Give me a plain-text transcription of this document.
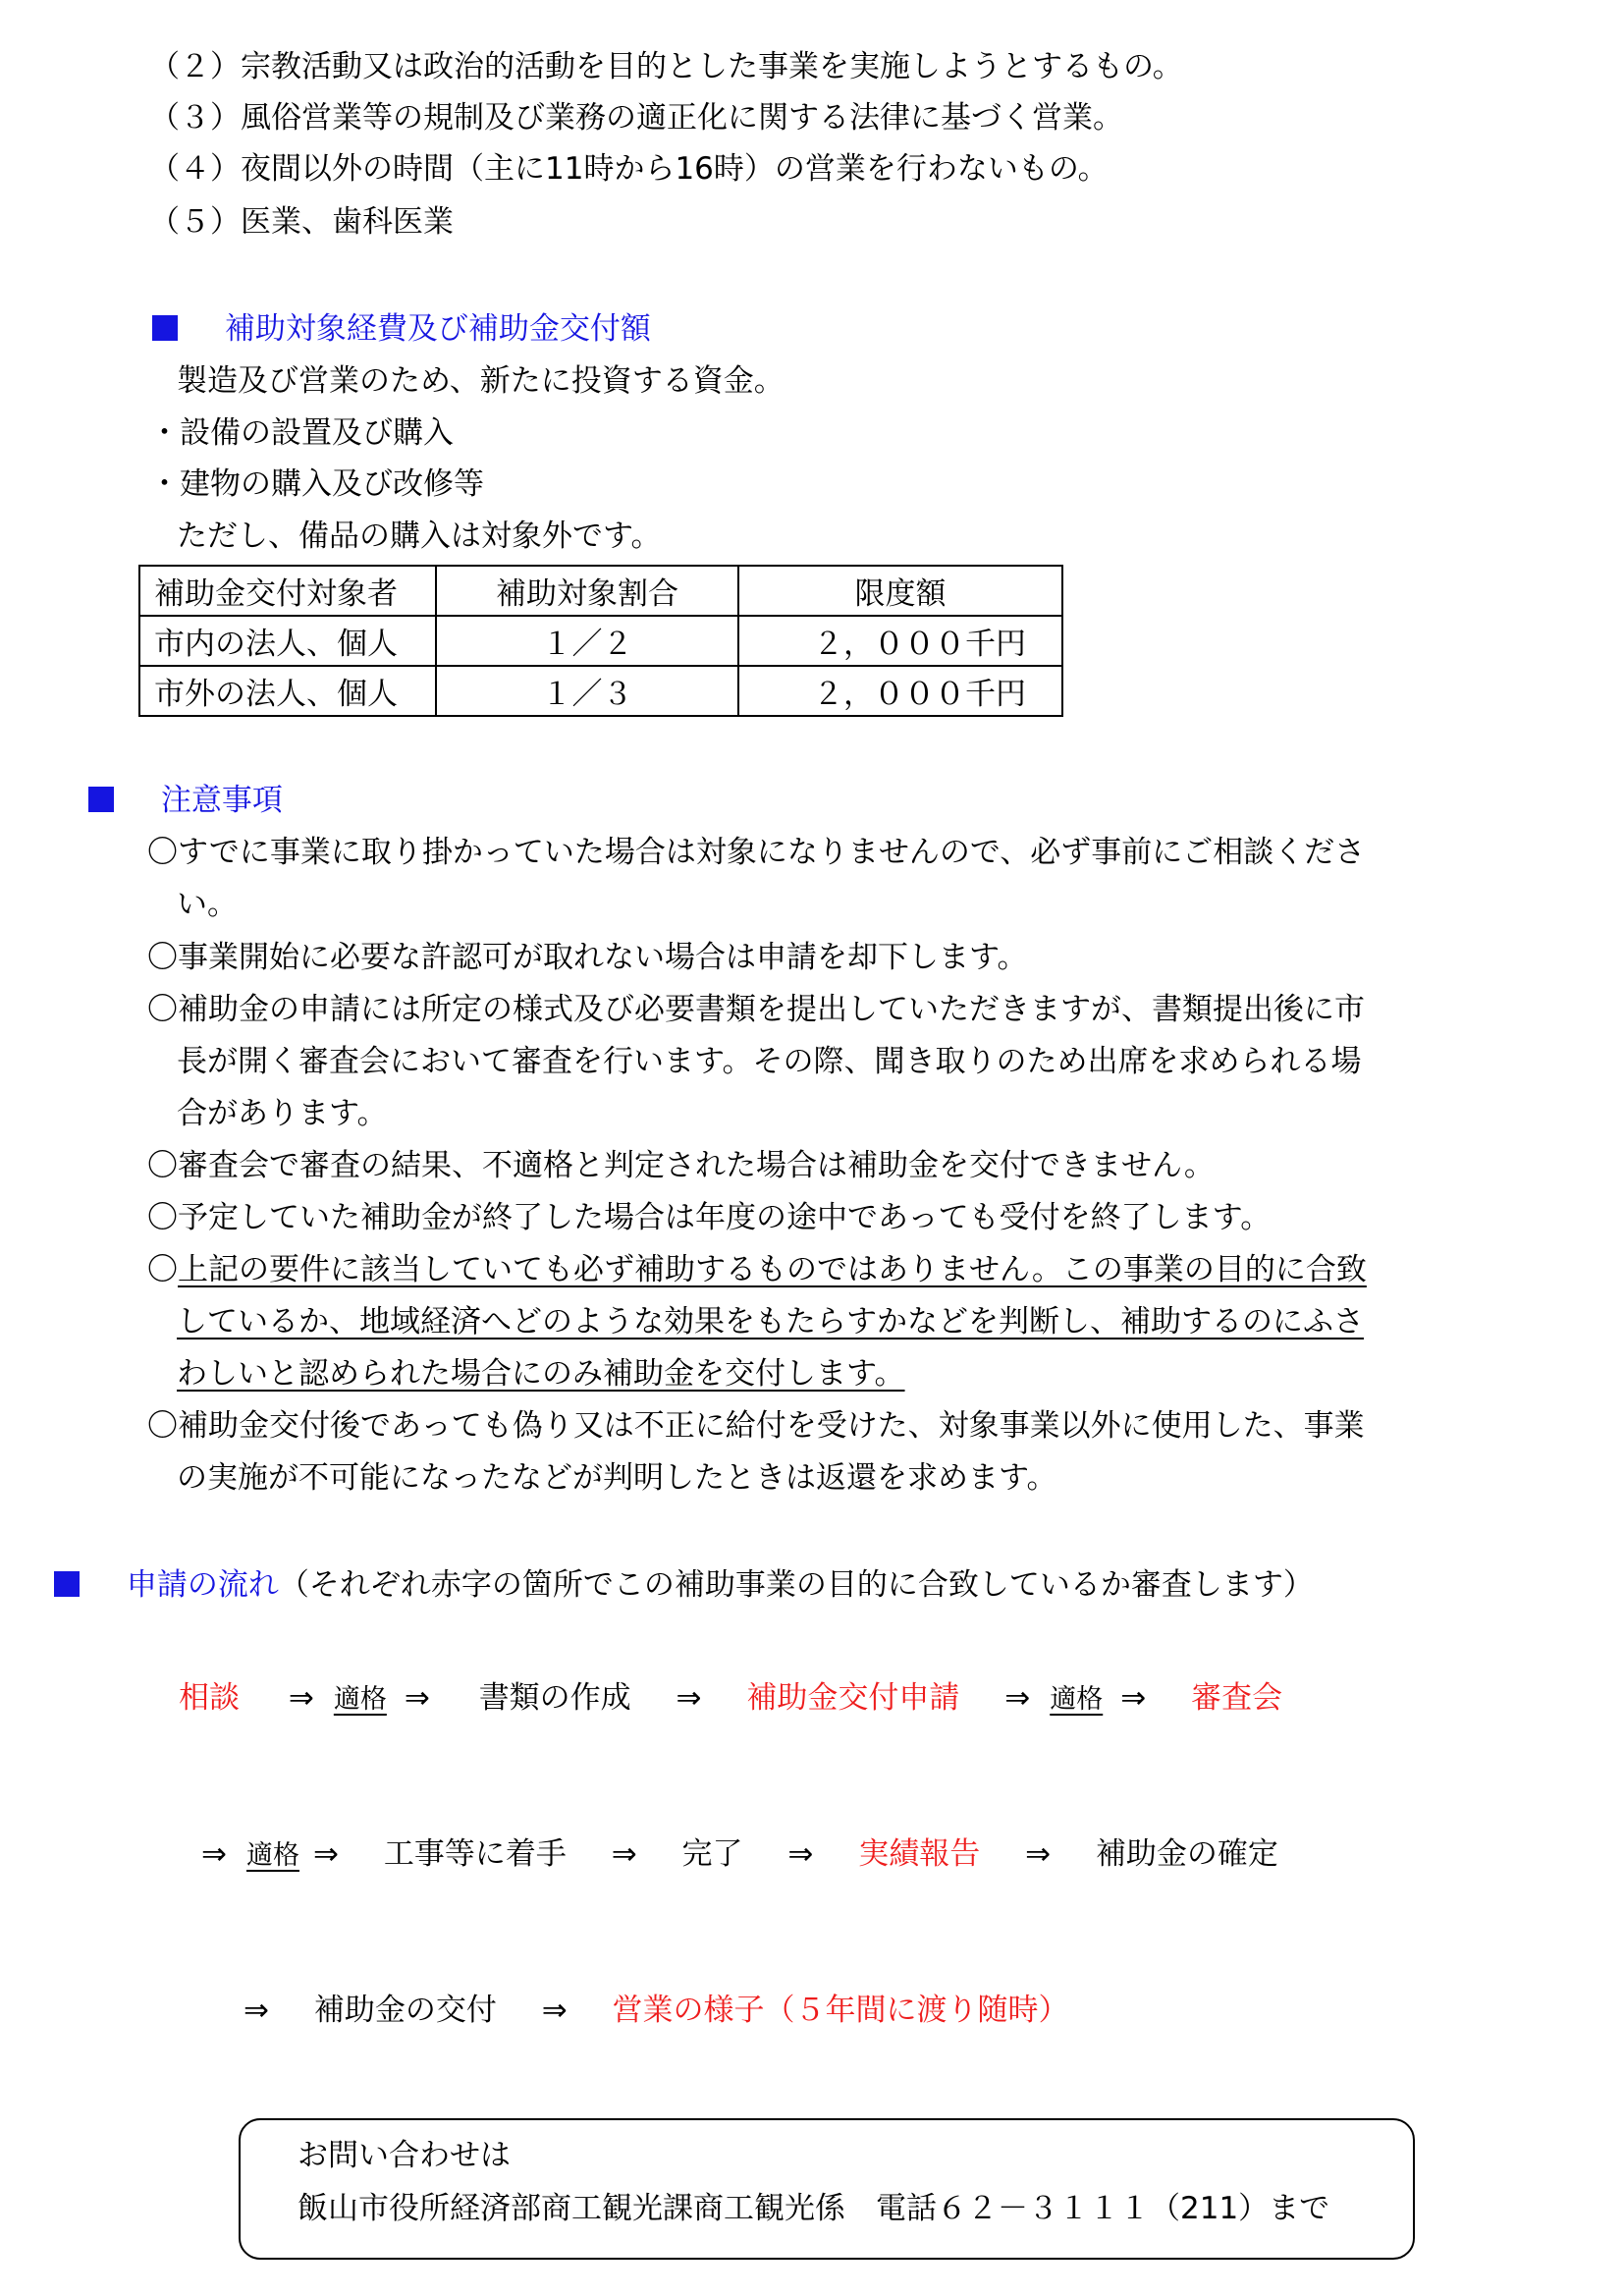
（２）宗教活動又は政治的活動を目的とした事業を実施しようとするもの。
（３）風俗営業等の規制及び業務の適正化に関する法律に基づく営業。
（４）夜間以外の時間（主に11時から16時）の営業を行わないもの。
（５）医業、歯科医業
補助対象経費及び補助金交付額
製造及び営業のため、新たに投資する資金。
・設備の設置及び購入
・建物の購入及び改修等
ただし、備品の購入は対象外です。
補助金交付対象者	補助対象割合	限度額
市内の法人、個人	１／２	２，０００千円
市外の法人、個人	１／３	２，０００千円
注意事項
〇すでに事業に取り掛かっていた場合は対象になりませんので、必ず事前にご相談くださ
い。
〇事業開始に必要な許認可が取れない場合は申請を却下します。
〇補助金の申請には所定の様式及び必要書類を提出していただきますが、書類提出後に市
長が開く審査会において審査を行います。その際、聞き取りのため出席を求められる場
合があります。
〇審査会で審査の結果、不適格と判定された場合は補助金を交付できません。
〇予定していた補助金が終了した場合は年度の途中であっても受付を終了します。
〇上記の要件に該当していても必ず補助するものではありません。この事業の目的に合致
しているか、地域経済へどのような効果をもたらすかなどを判断し、補助するのにふさ
わしいと認められた場合にのみ補助金を交付します。
〇補助金交付後であっても偽り又は不正に給付を受けた、対象事業以外に使用した、事業
の実施が不可能になったなどが判明したときは返還を求めます。
申請の流れ（それぞれ赤字の箇所でこの補助事業の目的に合致しているか審査します）
相談 ⇒ 適格 ⇒ 書類の作成 ⇒ 補助金交付申請 ⇒ 適格 ⇒ 審査会
⇒ 適格 ⇒ 工事等に着手 ⇒ 完了 ⇒ 実績報告 ⇒ 補助金の確定
⇒ 補助金の交付 ⇒ 営業の様子（５年間に渡り随時）
お問い合わせは
飯山市役所経済部商工観光課商工観光係　電話６２－３１１１（211）まで
